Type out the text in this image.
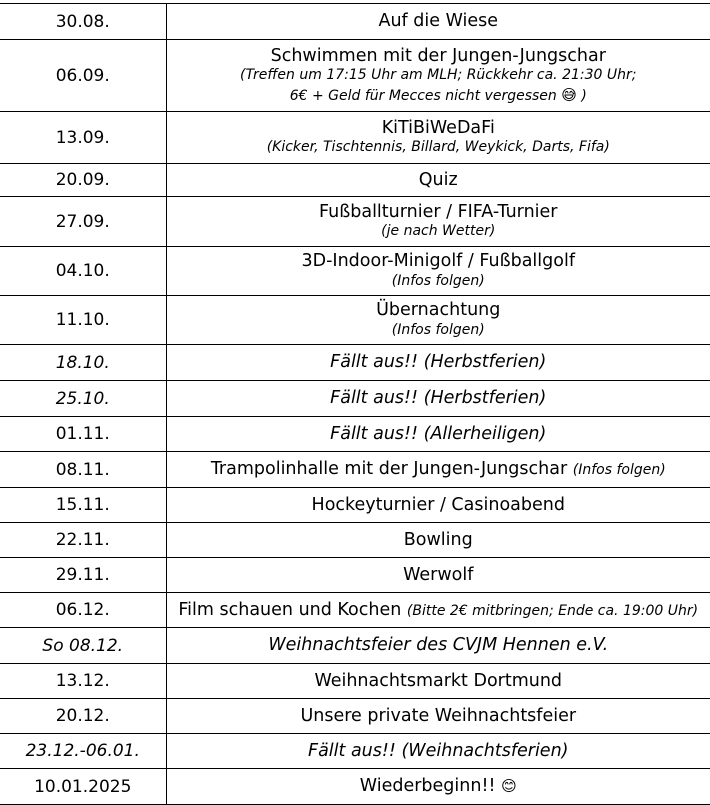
30.08.	Auf die Wiese
06.09.	Schwimmen mit der Jungen-Jungschar
(Treffen um 17:15 Uhr am MLH; Rückkehr ca. 21:30 Uhr;
6€ + Geld für Mecces nicht vergessen 😅 )

13.09.	KiTiBiWeDaFi
(Kicker, Tischtennis, Billard, Weykick, Darts, Fifa)

20.09.	Quiz
27.09.	Fußballturnier / FIFA-Turnier
(je nach Wetter)

04.10.	3D-Indoor-Minigolf / Fußballgolf
(Infos folgen)

11.10.	Übernachtung
(Infos folgen)

18.10.	Fällt aus!! (Herbstferien)
25.10.	Fällt aus!! (Herbstferien)
01.11.	Fällt aus!! (Allerheiligen)
08.11.	Trampolinhalle mit der Jungen-Jungschar (Infos folgen)
15.11.	Hockeyturnier / Casinoabend
22.11.	Bowling
29.11.	Werwolf
06.12.	Film schauen und Kochen (Bitte 2€ mitbringen; Ende ca. 19:00 Uhr)
So 08.12.	Weihnachtsfeier des CVJM Hennen e.V.
13.12.	Weihnachtsmarkt Dortmund
20.12.	Unsere private Weihnachtsfeier
23.12.-06.01.	Fällt aus!! (Weihnachtsferien)
10.01.2025	Wiederbeginn!! 😊
